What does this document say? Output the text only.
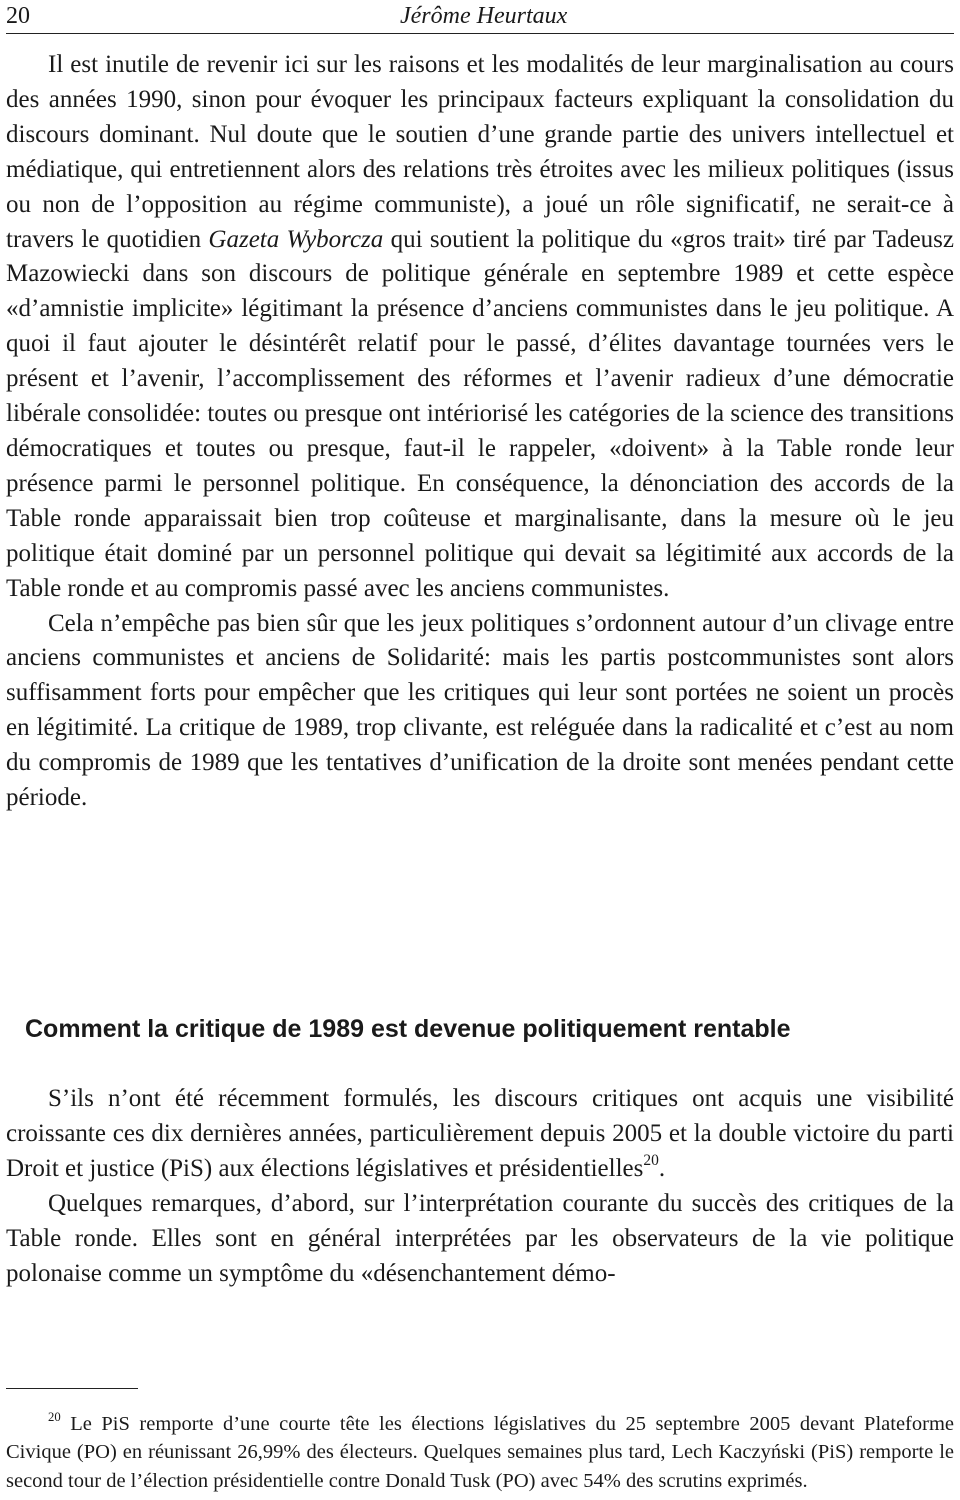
20	Jérôme Heurtaux

Il est inutile de revenir ici sur les raisons et les modalités de leur marginalisation au cours des années 1990, sinon pour évoquer les principaux facteurs expliquant la consolidation du discours dominant. Nul doute que le soutien d’une grande partie des univers intellectuel et médiatique, qui entretiennent alors des relations très étroites avec les milieux politiques (issus ou non de l’opposition au régime communiste), a joué un rôle significatif, ne serait-ce à travers le quotidien Gazeta Wyborcza qui soutient la politique du «gros trait» tiré par Tadeusz Mazowiecki dans son discours de politique générale en septembre 1989 et cette espèce «d’amnistie implicite» légitimant la présence d’anciens communistes dans le jeu politique. A quoi il faut ajouter le désintérêt relatif pour le passé, d’élites davantage tournées vers le présent et l’avenir, l’accomplissement des réformes et l’avenir radieux d’une démocratie libérale consolidée: toutes ou presque ont intériorisé les catégories de la science des transitions démocratiques et toutes ou presque, faut-il le rappeler, «doivent» à la Table ronde leur présence parmi le personnel politique. En conséquence, la dénonciation des accords de la Table ronde apparaissait bien trop coûteuse et marginalisante, dans la mesure où le jeu politique était dominé par un personnel politique qui devait sa légitimité aux accords de la Table ronde et au compromis passé avec les anciens communistes.

Cela n’empêche pas bien sûr que les jeux politiques s’ordonnent autour d’un clivage entre anciens communistes et anciens de Solidarité: mais les partis postcommunistes sont alors suffisamment forts pour empêcher que les critiques qui leur sont portées ne soient un procès en légitimité. La critique de 1989, trop clivante, est reléguée dans la radicalité et c’est au nom du compromis de 1989 que les tentatives d’unification de la droite sont menées pendant cette période.

Comment la critique de 1989 est devenue politiquement rentable

S’ils n’ont été récemment formulés, les discours critiques ont acquis une visibilité croissante ces dix dernières années, particulièrement depuis 2005 et la double victoire du parti Droit et justice (PiS) aux élections législatives et présidentielles$^{20}$.

Quelques remarques, d’abord, sur l’interprétation courante du succès des critiques de la Table ronde. Elles sont en général interprétées par les observateurs de la vie politique polonaise comme un symptôme du «désenchantement démo-

$^{20}$ Le PiS remporte d’une courte tête les élections législatives du 25 septembre 2005 devant Plateforme Civique (PO) en réunissant 26,99% des électeurs. Quelques semaines plus tard, Lech Kaczyński (PiS) remporte le second tour de l’élection présidentielle contre Donald Tusk (PO) avec 54% des scrutins exprimés.
